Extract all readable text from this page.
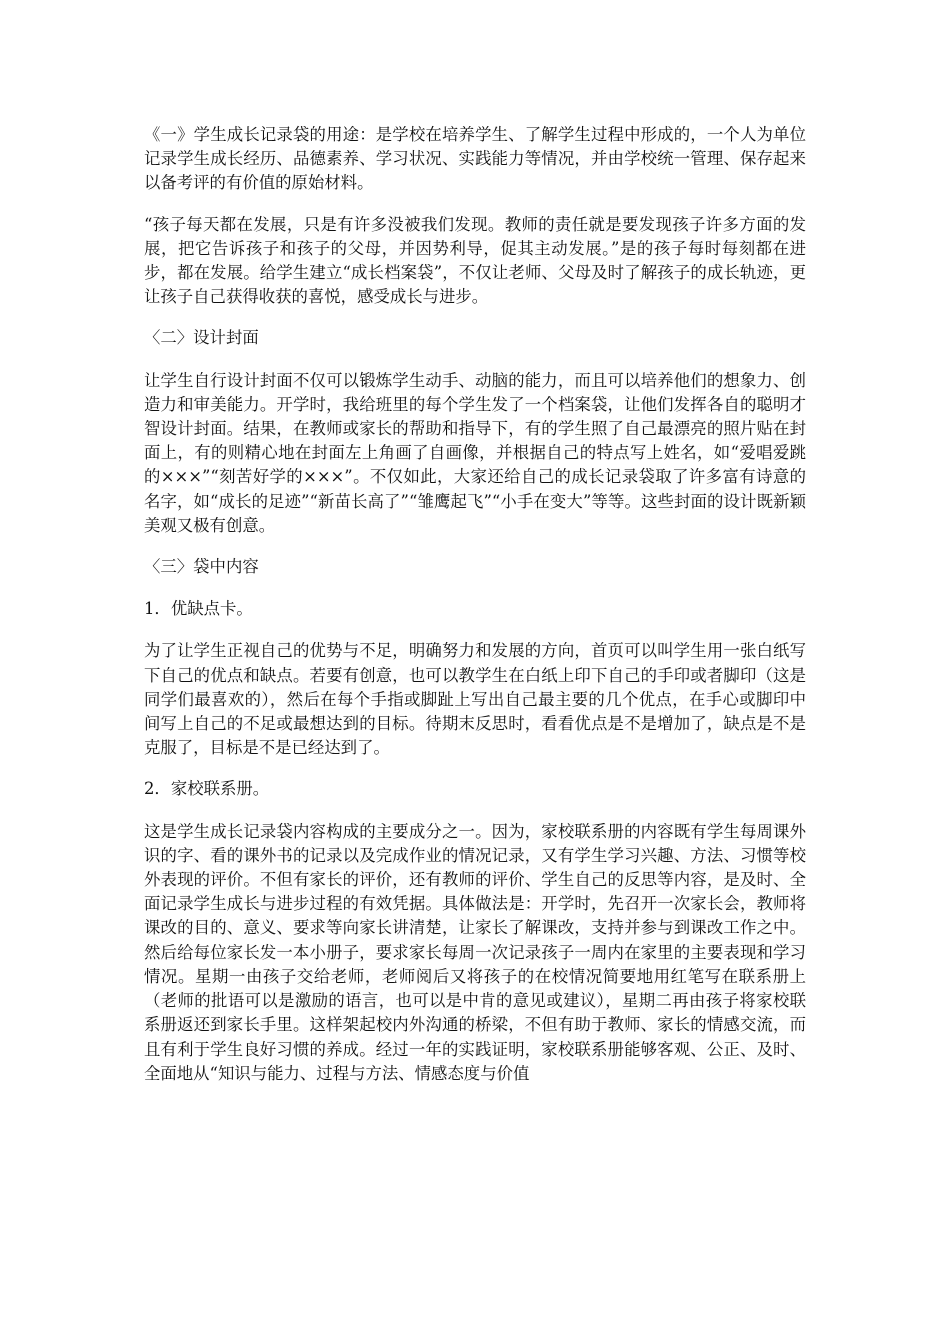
《一》学生成长记录袋的用途：是学校在培养学生、了解学生过程中形成的，一个人为单位记录学生成长经历、品德素养、学习状况、实践能力等情况，并由学校统一管理、保存起来以备考评的有价值的原始材料。

“孩子每天都在发展，只是有许多没被我们发现。教师的责任就是要发现孩子许多方面的发展，把它告诉孩子和孩子的父母，并因势利导，促其主动发展。”是的孩子每时每刻都在进步，都在发展。给学生建立“成长档案袋”，不仅让老师、父母及时了解孩子的成长轨迹，更让孩子自己获得收获的喜悦，感受成长与进步。

〈二〉设计封面

让学生自行设计封面不仅可以锻炼学生动手、动脑的能力，而且可以培养他们的想象力、创造力和审美能力。开学时，我给班里的每个学生发了一个档案袋，让他们发挥各自的聪明才智设计封面。结果，在教师或家长的帮助和指导下，有的学生照了自己最漂亮的照片贴在封面上，有的则精心地在封面左上角画了自画像，并根据自己的特点写上姓名，如“爱唱爱跳的×××”“刻苦好学的×××”。不仅如此，大家还给自己的成长记录袋取了许多富有诗意的名字，如“成长的足迹”“新苗长高了”“雏鹰起飞”“小手在变大”等等。这些封面的设计既新颖美观又极有创意。

〈三〉袋中内容

1．优缺点卡。

为了让学生正视自己的优势与不足，明确努力和发展的方向，首页可以叫学生用一张白纸写下自己的优点和缺点。若要有创意，也可以教学生在白纸上印下自己的手印或者脚印（这是同学们最喜欢的），然后在每个手指或脚趾上写出自己最主要的几个优点，在手心或脚印中间写上自己的不足或最想达到的目标。待期末反思时，看看优点是不是增加了，缺点是不是克服了，目标是不是已经达到了。

2．家校联系册。

这是学生成长记录袋内容构成的主要成分之一。因为，家校联系册的内容既有学生每周课外识的字、看的课外书的记录以及完成作业的情况记录，又有学生学习兴趣、方法、习惯等校外表现的评价。不但有家长的评价，还有教师的评价、学生自己的反思等内容，是及时、全面记录学生成长与进步过程的有效凭据。具体做法是：开学时，先召开一次家长会，教师将课改的目的、意义、要求等向家长讲清楚，让家长了解课改，支持并参与到课改工作之中。然后给每位家长发一本小册子，要求家长每周一次记录孩子一周内在家里的主要表现和学习情况。星期一由孩子交给老师，老师阅后又将孩子的在校情况简要地用红笔写在联系册上（老师的批语可以是激励的语言，也可以是中肯的意见或建议），星期二再由孩子将家校联系册返还到家长手里。这样架起校内外沟通的桥梁，不但有助于教师、家长的情感交流，而且有利于学生良好习惯的养成。经过一年的实践证明，家校联系册能够客观、公正、及时、全面地从“知识与能力、过程与方法、情感态度与价值
